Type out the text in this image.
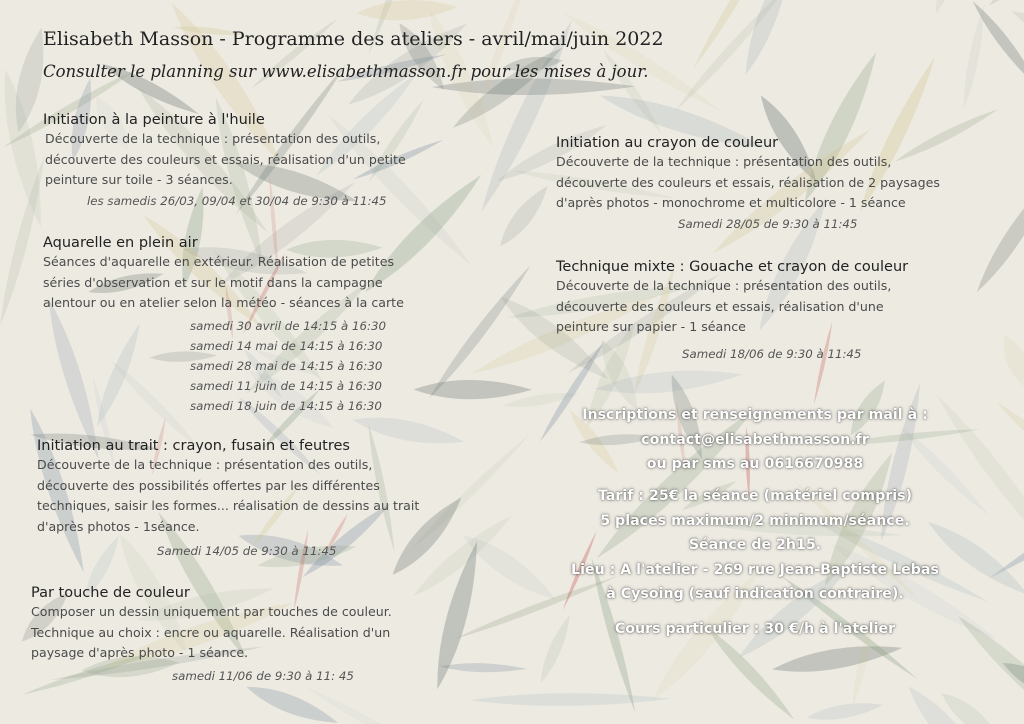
Elisabeth Masson - Programme des ateliers - avril/mai/juin 2022
Consulter le planning sur www.elisabethmasson.fr pour les mises à jour.
Initiation à la peinture à l'huile
Découverte de la technique : présentation des outils,
découverte des couleurs et essais, réalisation d'un petite
peinture sur toile - 3 séances.
les samedis 26/03, 09/04 et 30/04 de 9:30 à 11:45
Aquarelle en plein air
Séances d'aquarelle en extérieur. Réalisation de petites
séries d'observation et sur le motif dans la campagne
alentour ou en atelier selon la météo - séances à la carte
samedi 30 avril de 14:15 à 16:30
samedi 14 mai de 14:15 à 16:30
samedi 28 mai de 14:15 à 16:30
samedi 11 juin de 14:15 à 16:30
samedi 18 juin de 14:15 à 16:30
Initiation au trait : crayon, fusain et feutres
Découverte de la technique : présentation des outils,
découverte des possibilités offertes par les différentes
techniques, saisir les formes... réalisation de dessins au trait
d'après photos - 1séance.
Samedi 14/05 de 9:30 à 11:45
Par touche de couleur
Composer un dessin uniquement par touches de couleur.
Technique au choix : encre ou aquarelle. Réalisation d'un
paysage d'après photo - 1 séance.
samedi 11/06 de 9:30 à 11: 45
Initiation au crayon de couleur
Découverte de la technique : présentation des outils,
découverte des couleurs et essais, réalisation de 2 paysages
d'après photos - monochrome et multicolore - 1 séance
Samedi 28/05 de 9:30 à 11:45
Technique mixte : Gouache et crayon de couleur
Découverte de la technique : présentation des outils,
découverte des couleurs et essais, réalisation d'une
peinture sur papier - 1 séance
Samedi 18/06 de 9:30 à 11:45
Inscriptions et renseignements par mail à :
contact@elisabethmasson.fr
ou par sms au 0616670988
Tarif : 25€ la séance (matériel compris)
5 places maximum/2 minimum/séance.
Séance de 2h15.
Lieu : A l'atelier - 269 rue Jean-Baptiste Lebas
à Cysoing (sauf indication contraire).
Cours particulier : 30 €/h à l'atelier
